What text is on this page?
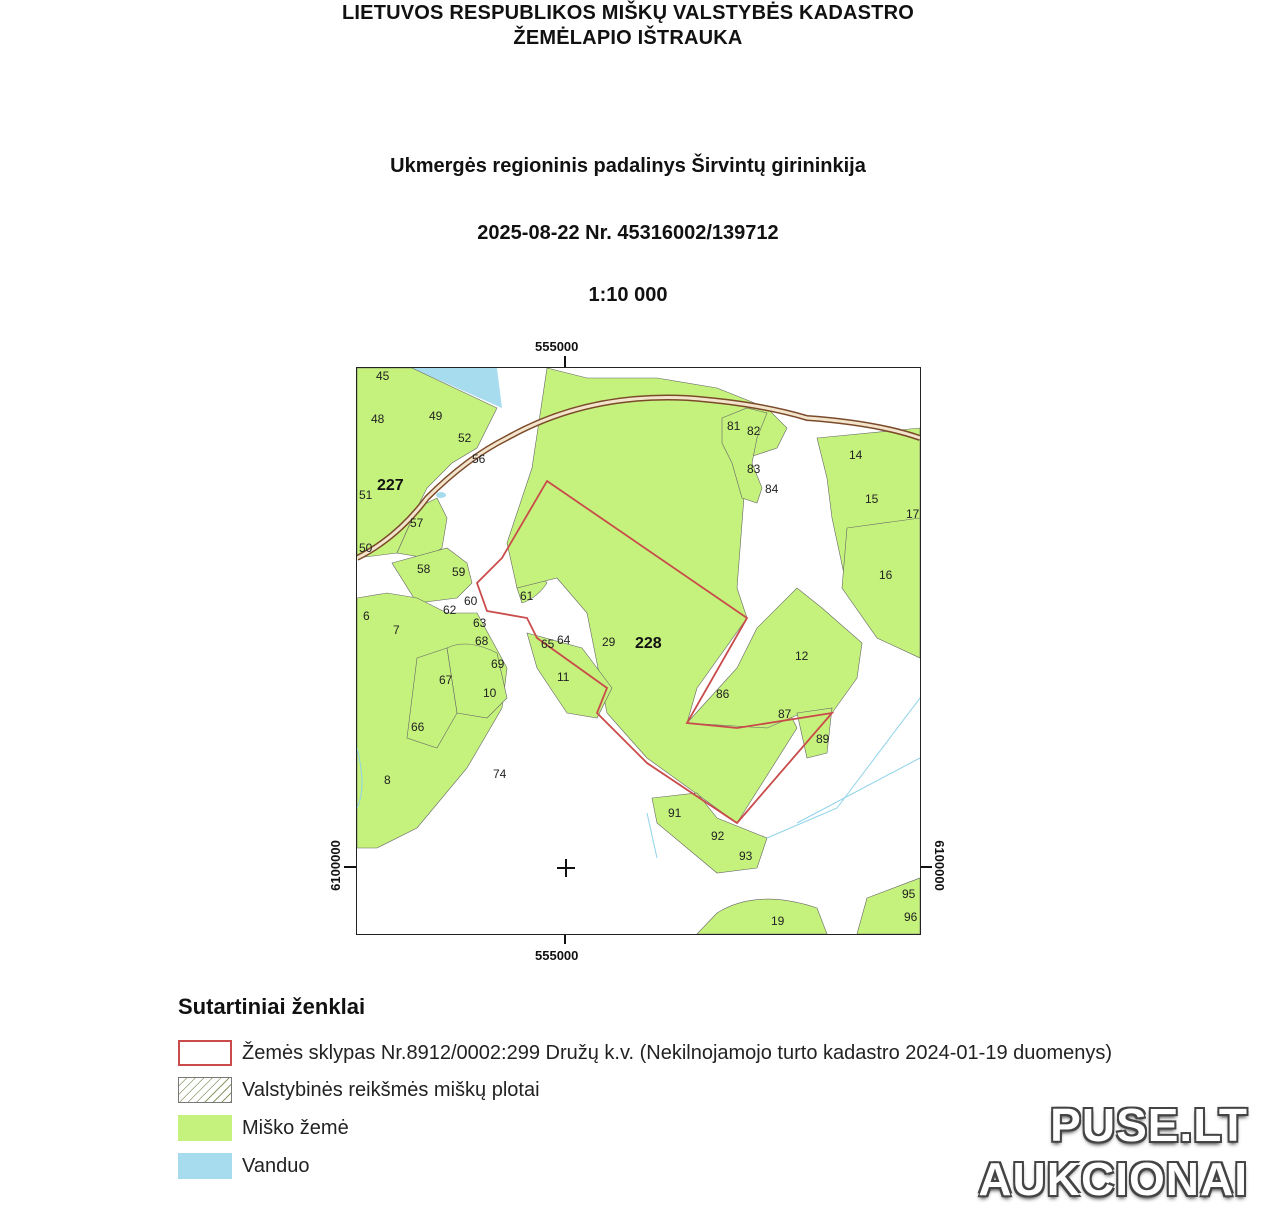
LIETUVOS RESPUBLIKOS MIŠKŲ VALSTYBĖS KADASTRO
ŽEMĖLAPIO IŠTRAUKA
Ukmergės regioninis padalinys Širvintų girininkija
2025-08-22 Nr. 45316002/139712
1:10 000
555000
555000
6100000	6100000
45
48	49
52
56
227
51
57
50
58 59
60	61
62
63
6
7
68
69
67
10
66
8	74
65 64	29 228
11
81 82
83
84
14
15
17
16
12
86
87
89
91
92
93
95
96
19
Sutartiniai ženklai
Žemės sklypas Nr.8912/0002:299 Družų k.v. (Nekilnojamojo turto kadastro 2024-01-19 duomenys)
Valstybinės reikšmės miškų plotai
Miško žemė
Vanduo
PUSE.LT
AUKCIONAI
